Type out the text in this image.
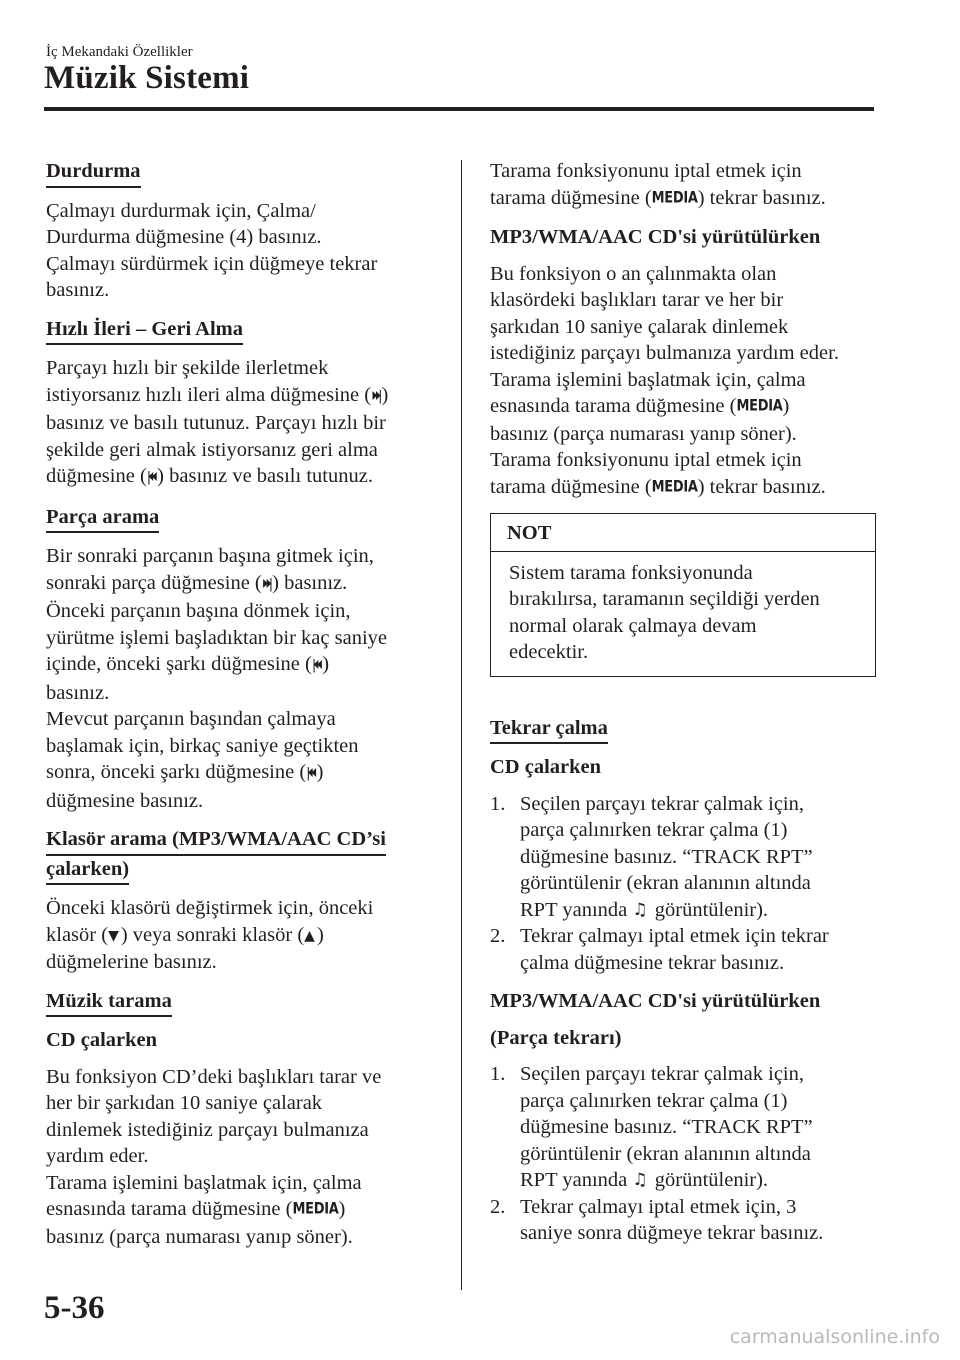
İç Mekandaki Özellikler
Müzik Sistemi
Durdurma

Çalmayı durdurmak için, Çalma/
Durdurma düğmesine (4) basınız.
Çalmayı sürdürmek için düğmeye tekrar
basınız.

Hızlı İleri – Geri Alma

Parçayı hızlı bir şekilde ilerletmek
istiyorsanız hızlı ileri alma düğmesine (⏵⏵|)
basınız ve basılı tutunuz. Parçayı hızlı bir
şekilde geri almak istiyorsanız geri alma
düğmesine (|⏴⏴) basınız ve basılı tutunuz.

Parça arama

Bir sonraki parçanın başına gitmek için,
sonraki parça düğmesine (⏵⏵|) basınız.
Önceki parçanın başına dönmek için,
yürütme işlemi başladıktan bir kaç saniye
içinde, önceki şarkı düğmesine (|⏴⏴)
basınız.
Mevcut parçanın başından çalmaya
başlamak için, birkaç saniye geçtikten
sonra, önceki şarkı düğmesine (|⏴⏴)
düğmesine basınız.

Klasör arama (MP3/WMA/AAC CD’si
çalarken)

Önceki klasörü değiştirmek için, önceki
klasör (▼) veya sonraki klasör (▲)
düğmelerine basınız.

Müzik tarama
CD çalarken

Bu fonksiyon CD’deki başlıkları tarar ve
her bir şarkıdan 10 saniye çalarak
dinlemek istediğiniz parçayı bulmanıza
yardım eder.
Tarama işlemini başlatmak için, çalma
esnasında tarama düğmesine (MEDIA)
basınız (parça numarası yanıp söner).

Tarama fonksiyonunu iptal etmek için
tarama düğmesine (MEDIA) tekrar basınız.

MP3/WMA/AAC CD'si yürütülürken

Bu fonksiyon o an çalınmakta olan
klasördeki başlıkları tarar ve her bir
şarkıdan 10 saniye çalarak dinlemek
istediğiniz parçayı bulmanıza yardım eder.
Tarama işlemini başlatmak için, çalma
esnasında tarama düğmesine (MEDIA)
basınız (parça numarası yanıp söner).
Tarama fonksiyonunu iptal etmek için
tarama düğmesine (MEDIA) tekrar basınız.

NOT
Sistem tarama fonksiyonunda
bırakılırsa, taramanın seçildiği yerden
normal olarak çalmaya devam
edecektir.
Tekrar çalma
CD çalarken
1. Seçilen parçayı tekrar çalmak için,
parça çalınırken tekrar çalma (1)
düğmesine basınız. “TRACK RPT”
görüntülenir (ekran alanının altında
RPT yanında ♫ görüntülenir).
2. Tekrar çalmayı iptal etmek için tekrar
çalma düğmesine tekrar basınız.
MP3/WMA/AAC CD'si yürütülürken
(Parça tekrarı)
1. Seçilen parçayı tekrar çalmak için,
parça çalınırken tekrar çalma (1)
düğmesine basınız. “TRACK RPT”
görüntülenir (ekran alanının altında
RPT yanında ♫ görüntülenir).
2. Tekrar çalmayı iptal etmek için, 3
saniye sonra düğmeye tekrar basınız.
5-36
carmanualsonline.info
